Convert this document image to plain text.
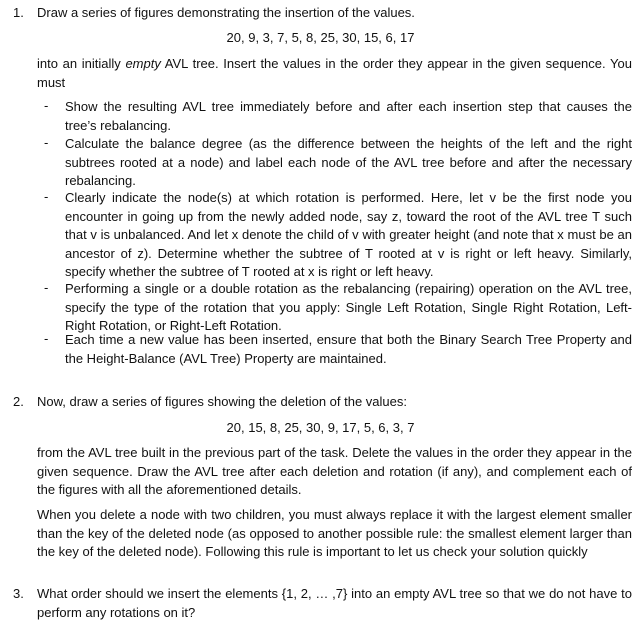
1. Draw a series of figures demonstrating the insertion of the values.
20, 9, 3, 7, 5, 8, 25, 30, 15, 6, 17
into an initially empty AVL tree. Insert the values in the order they appear in the given sequence. You must
- Show the resulting AVL tree immediately before and after each insertion step that causes the tree’s rebalancing.
- Calculate the balance degree (as the difference between the heights of the left and the right subtrees rooted at a node) and label each node of the AVL tree before and after the necessary rebalancing.
- Clearly indicate the node(s) at which rotation is performed. Here, let v be the first node you encounter in going up from the newly added node, say z, toward the root of the AVL tree T such that v is unbalanced. And let x denote the child of v with greater height (and note that x must be an ancestor of z). Determine whether the subtree of T rooted at v is right or left heavy. Similarly, specify whether the subtree of T rooted at x is right or left heavy.
- Performing a single or a double rotation as the rebalancing (repairing) operation on the AVL tree, specify the type of the rotation that you apply: Single Left Rotation, Single Right Rotation, Left-Right Rotation, or Right-Left Rotation.
- Each time a new value has been inserted, ensure that both the Binary Search Tree Property and the Height-Balance (AVL Tree) Property are maintained.
2. Now, draw a series of figures showing the deletion of the values:
20, 15, 8, 25, 30, 9, 17, 5, 6, 3, 7
from the AVL tree built in the previous part of the task. Delete the values in the order they appear in the given sequence. Draw the AVL tree after each deletion and rotation (if any), and complement each of the figures with all the aforementioned details.
When you delete a node with two children, you must always replace it with the largest element smaller than the key of the deleted node (as opposed to another possible rule: the smallest element larger than the key of the deleted node). Following this rule is important to let us check your solution quickly
3. What order should we insert the elements {1, 2, … ,7} into an empty AVL tree so that we do not have to perform any rotations on it?
